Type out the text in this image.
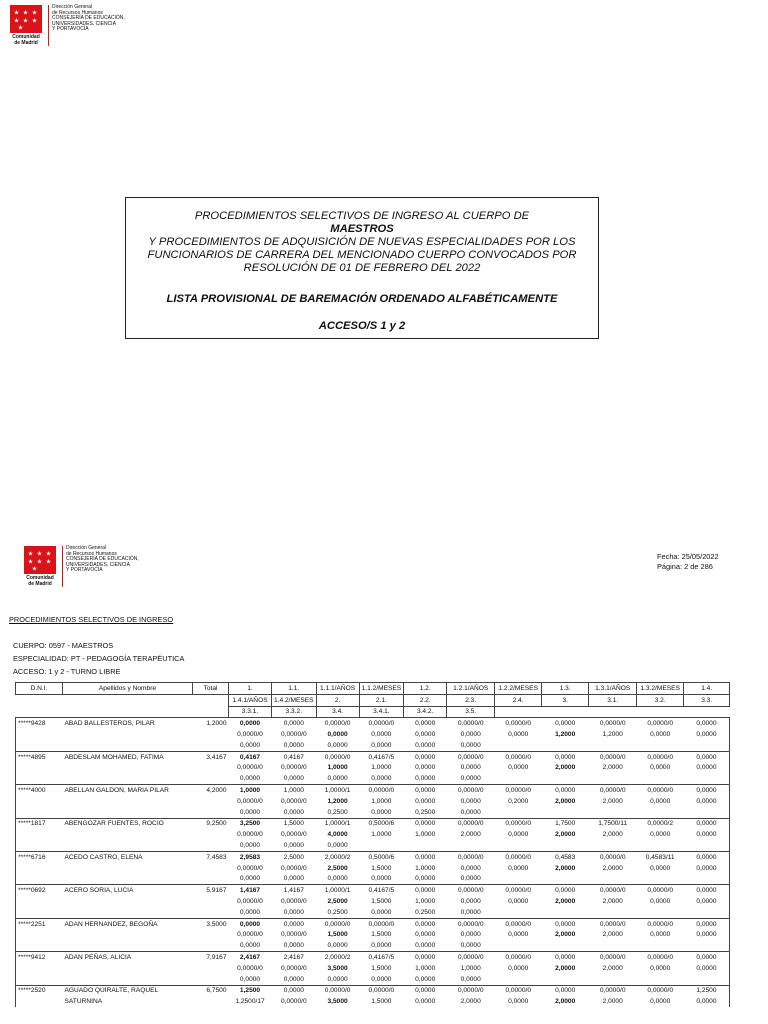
Comunidad
de Madrid
Dirección General
de Recursos Humanos
CONSEJERÍA DE EDUCACIÓN,
UNIVERSIDADES, CIENCIA
Y PORTAVOCÍA
PROCEDIMIENTOS SELECTIVOS DE INGRESO AL CUERPO DE
MAESTROS
Y PROCEDIMIENTOS DE ADQUISICIÓN DE NUEVAS ESPECIALIDADES POR LOS
FUNCIONARIOS DE CARRERA DEL MENCIONADO CUERPO CONVOCADOS POR
RESOLUCIÓN DE 01 DE FEBRERO DEL 2022
LISTA PROVISIONAL DE BAREMACIÓN ORDENADO ALFABÉTICAMENTE
ACCESO/S 1 y 2
Comunidad
de Madrid
Dirección General
de Recursos Humanos
CONSEJERÍA DE EDUCACIÓN,
UNIVERSIDADES, CIENCIA
Y PORTAVOCÍA
Fecha: 25/05/2022
Página: 2 de 286
PROCEDIMIENTOS SELECTIVOS DE INGRESO
CUERPO: 0597 - MAESTROS
ESPECIALIDAD: PT - PEDAGOGÍA TERAPÉUTICA
ACCESO: 1 y 2 - TURNO LIBRE
D.N.I.	Apellidos y Nombre	Total	1.	1.1.	1.1.1/AÑOS	1.1.2/MESES	1.2.	1.2.1/AÑOS	1.2.2/MESES	1.3.	1.3.1/AÑOS	1.3.2/MESES	1.4.
			1.4.1/AÑOS	1.4.2/MESES	2.	2.1.	2.2.	2.3.	2.4.	3.	3.1.	3.2.	3.3.
			3.3.1.	3.3.2.	3.4.	3.4.1.	3.4.2.	3.5.					
*****9428	ABAD BALLESTEROS, PILAR	1,2000	0,0000	0,0000	0,0000/0	0,0000/0	0,0000	0,0000/0	0,0000/0	0,0000	0,0000/0	0,0000/0	0,0000
			0,0000/0	0,0000/0	0,0000	0,0000	0,0000	0,0000	0,0000	1,2000	1,2000	0,0000	0,0000
			0,0000	0,0000	0,0000	0,0000	0,0000	0,0000					
*****4895	ABDESLAM MOHAMED, FATIMA	3,4167	0,4167	0,4167	0,0000/0	0,4167/5	0,0000	0,0000/0	0,0000/0	0,0000	0,0000/0	0,0000/0	0,0000
			0,0000/0	0,0000/0	1,0000	1,0000	0,0000	0,0000	0,0000	2,0000	2,0000	0,0000	0,0000
			0,0000	0,0000	0,0000	0,0000	0,0000	0,0000					
*****4000	ABELLAN GALDON, MARIA PILAR	4,2000	1,0000	1,0000	1,0000/1	0,0000/0	0,0000	0,0000/0	0,0000/0	0,0000	0,0000/0	0,0000/0	0,0000
			0,0000/0	0,0000/0	1,2000	1,0000	0,0000	0,0000	0,2000	2,0000	2,0000	0,0000	0,0000
			0,0000	0,0000	0,2500	0,0000	0,2500	0,0000					
*****1817	ABENGOZAR FUENTES, ROCIO	9,2500	3,2500	1,5000	1,0000/1	0,5000/6	0,0000	0,0000/0	0,0000/0	1,7500	1,7500/11	0,0000/2	0,0000
			0,0000/0	0,0000/0	4,0000	1,0000	1,0000	2,0000	0,0000	2,0000	2,0000	0,0000	0,0000
			0,0000	0,0000	0,0000								
*****6716	ACEDO CASTRO, ELENA	7,4583	2,9583	2,5000	2,0000/2	0,5000/6	0,0000	0,0000/0	0,0000/0	0,4583	0,0000/0	0,4583/11	0,0000
			0,0000/0	0,0000/0	2,5000	1,5000	1,0000	0,0000	0,0000	2,0000	2,0000	0,0000	0,0000
			0,0000	0,0000	0,0000	0,0000	0,0000	0,0000					
*****0692	ACERO SORIA, LUCIA	5,9167	1,4167	1,4167	1,0000/1	0,4167/5	0,0000	0,0000/0	0,0000/0	0,0000	0,0000/0	0,0000/0	0,0000
			0,0000/0	0,0000/0	2,5000	1,5000	1,0000	0,0000	0,0000	2,0000	2,0000	0,0000	0,0000
			0,0000	0,0000	0,2500	0,0000	0,2500	0,0000					
*****2251	ADAN HERNANDEZ, BEGOÑA	3,5000	0,0000	0,0000	0,0000/0	0,0000/0	0,0000	0,0000/0	0,0000/0	0,0000	0,0000/0	0,0000/0	0,0000
			0,0000/0	0,0000/0	1,5000	1,5000	0,0000	0,0000	0,0000	2,0000	2,0000	0,0000	0,0000
			0,0000	0,0000	0,0000	0,0000	0,0000	0,0000					
*****9412	ADAN PEÑAS, ALICIA	7,9167	2,4167	2,4167	2,0000/2	0,4167/5	0,0000	0,0000/0	0,0000/0	0,0000	0,0000/0	0,0000/0	0,0000
			0,0000/0	0,0000/0	3,5000	1,5000	1,0000	1,0000	0,0000	2,0000	2,0000	0,0000	0,0000
			0,0000	0,0000	0,0000	0,0000	0,0000	0,0000					
*****2520	AGUADO QUIRALTE, RAQUEL	6,7500	1,2500	0,0000	0,0000/0	0,0000/0	0,0000	0,0000/0	0,0000/0	0,0000	0,0000/0	0,0000/0	1,2500
	SATURNINA		1,2500/17	0,0000/0	3,5000	1,5000	0,0000	2,0000	0,0000	2,0000	2,0000	0,0000	0,0000
